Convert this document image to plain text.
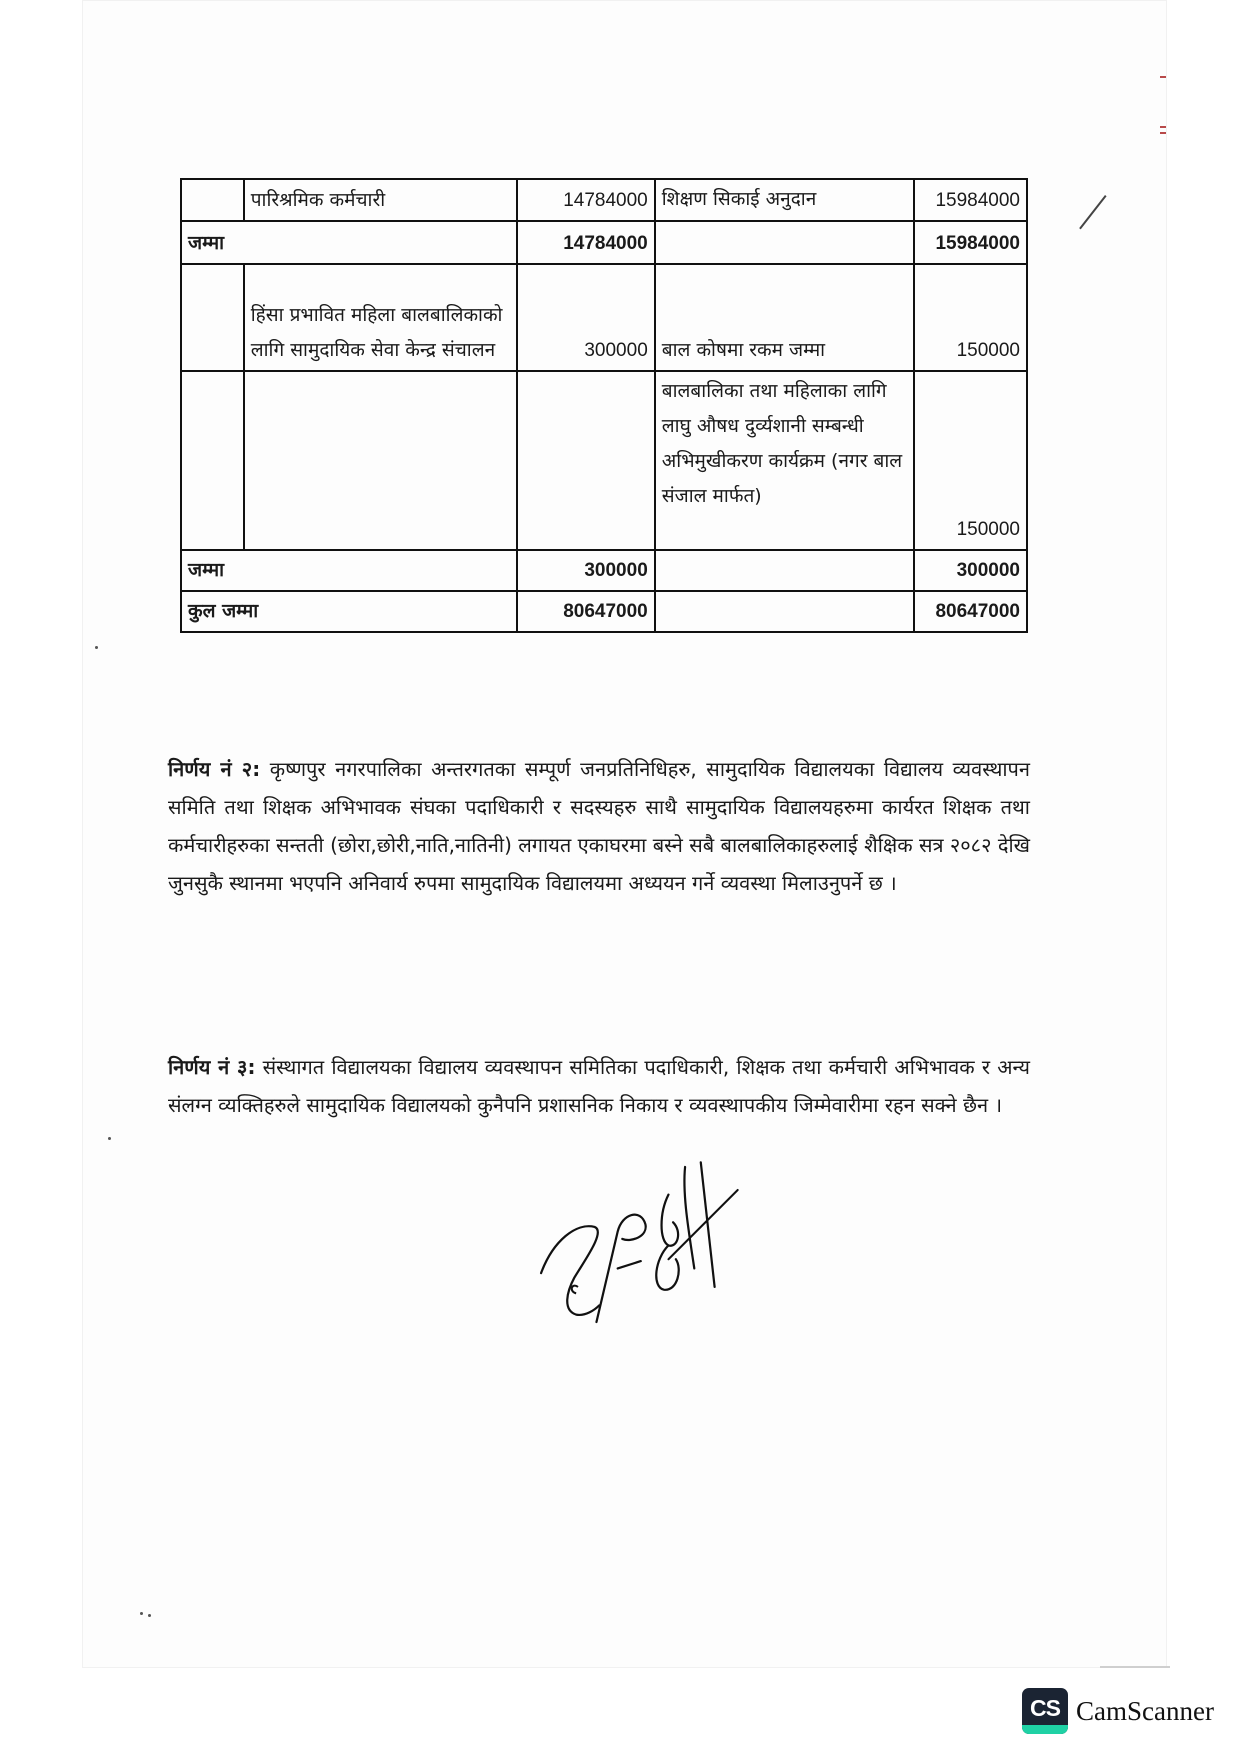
	पारिश्रमिक कर्मचारी	14784000	शिक्षण सिकाई अनुदान	15984000
जम्मा		14784000		15984000
	हिंसा प्रभावित महिला बालबालिकाको लागि सामुदायिक सेवा केन्द्र संचालन	300000	बाल कोषमा रकम जम्मा	150000
			बालबालिका तथा महिलाका लागि लाघु औषध दुर्व्यशानी सम्बन्धी अभिमुखीकरण कार्यक्रम (नगर बाल संजाल मार्फत)	150000
जम्मा		300000		300000
कुल जम्मा		80647000		80647000

निर्णय नं २: कृष्णपुर नगरपालिका अन्तरगतका सम्पूर्ण जनप्रतिनिधिहरु, सामुदायिक विद्यालयका विद्यालय व्यवस्थापन समिति तथा शिक्षक अभिभावक संघका पदाधिकारी र सदस्यहरु साथै सामुदायिक विद्यालयहरुमा कार्यरत शिक्षक तथा कर्मचारीहरुका सन्तती (छोरा,छोरी,नाति,नातिनी) लगायत एकाघरमा बस्ने सबै बालबालिकाहरुलाई शैक्षिक सत्र २०८२ देखि जुनसुकै स्थानमा भएपनि अनिवार्य रुपमा सामुदायिक विद्यालयमा अध्ययन गर्ने व्यवस्था मिलाउनुपर्ने छ ।

निर्णय नं ३: संस्थागत विद्यालयका विद्यालय व्यवस्थापन समितिका पदाधिकारी, शिक्षक तथा कर्मचारी अभिभावक र अन्य संलग्न व्यक्तिहरुले सामुदायिक विद्यालयको कुनैपनि प्रशासनिक निकाय र व्यवस्थापकीय जिम्मेवारीमा रहन सक्ने छैन ।

CS CamScanner
